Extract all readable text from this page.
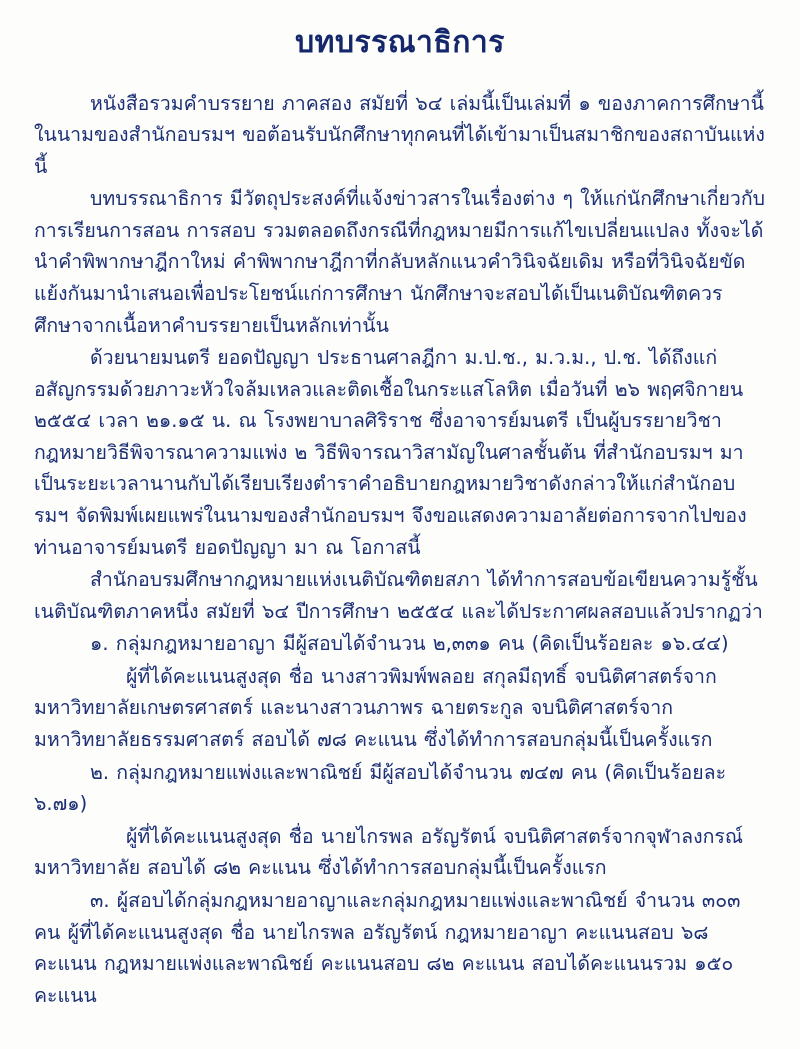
บทบรรณาธิการ

หนังสือรวมคำบรรยาย ภาคสอง สมัยที่ ๖๔ เล่มนี้เป็นเล่มที่ ๑ ของภาคการศึกษานี้ ในนามของสำนักอบรมฯ ขอต้อนรับนักศึกษาทุกคนที่ได้เข้ามาเป็นสมาชิกของสถาบันแห่งนี้

บทบรรณาธิการ มีวัตถุประสงค์ที่แจ้งข่าวสารในเรื่องต่าง ๆ ให้แก่นักศึกษาเกี่ยวกับการเรียนการสอน การสอบ รวมตลอดถึงกรณีที่กฎหมายมีการแก้ไขเปลี่ยนแปลง ทั้งจะได้นำคำพิพากษาฎีกาใหม่ คำพิพากษาฎีกาที่กลับหลักแนวคำวินิจฉัยเดิม หรือที่วินิจฉัยขัดแย้งกันมานำเสนอเพื่อประโยชน์แก่การศึกษา นักศึกษาจะสอบได้เป็นเนติบัณฑิตควรศึกษาจากเนื้อหาคำบรรยายเป็นหลักเท่านั้น

ด้วยนายมนตรี ยอดปัญญา ประธานศาลฎีกา ม.ป.ช., ม.ว.ม., ป.ช. ได้ถึงแก่อสัญกรรมด้วยภาวะหัวใจล้มเหลวและติดเชื้อในกระแสโลหิต เมื่อวันที่ ๒๖ พฤศจิกายน ๒๕๕๔ เวลา ๒๑.๑๕ น. ณ โรงพยาบาลศิริราช ซึ่งอาจารย์มนตรี เป็นผู้บรรยายวิชากฎหมายวิธีพิจารณาความแพ่ง ๒ วิธีพิจารณาวิสามัญในศาลชั้นต้น ที่สำนักอบรมฯ มาเป็นระยะเวลานานกับได้เรียบเรียงตำราคำอธิบายกฎหมายวิชาดังกล่าวให้แก่สำนักอบรมฯ จัดพิมพ์เผยแพร่ในนามของสำนักอบรมฯ จึงขอแสดงความอาลัยต่อการจากไปของท่านอาจารย์มนตรี ยอดปัญญา มา ณ โอกาสนี้

สำนักอบรมศึกษากฎหมายแห่งเนติบัณฑิตยสภา ได้ทำการสอบข้อเขียนความรู้ชั้นเนติบัณฑิตภาคหนึ่ง สมัยที่ ๖๔ ปีการศึกษา ๒๕๕๔ และได้ประกาศผลสอบแล้วปรากฏว่า

๑. กลุ่มกฎหมายอาญา มีผู้สอบได้จำนวน ๒,๓๓๑ คน (คิดเป็นร้อยละ ๑๖.๔๔)

ผู้ที่ได้คะแนนสูงสุด ชื่อ นางสาวพิมพ์พลอย สกุลมีฤทธิ์ จบนิติศาสตร์จากมหาวิทยาลัยเกษตรศาสตร์ และนางสาวนภาพร ฉายตระกูล จบนิติศาสตร์จากมหาวิทยาลัยธรรมศาสตร์ สอบได้ ๗๘ คะแนน ซึ่งได้ทำการสอบกลุ่มนี้เป็นครั้งแรก

๒. กลุ่มกฎหมายแพ่งและพาณิชย์ มีผู้สอบได้จำนวน ๗๔๗ คน (คิดเป็นร้อยละ ๖.๗๑)

ผู้ที่ได้คะแนนสูงสุด ชื่อ นายไกรพล อรัญรัตน์ จบนิติศาสตร์จากจุฬาลงกรณ์มหาวิทยาลัย สอบได้ ๘๒ คะแนน ซึ่งได้ทำการสอบกลุ่มนี้เป็นครั้งแรก

๓. ผู้สอบได้กลุ่มกฎหมายอาญาและกลุ่มกฎหมายแพ่งและพาณิชย์ จำนวน ๓๐๓ คน ผู้ที่ได้คะแนนสูงสุด ชื่อ นายไกรพล อรัญรัตน์ กฎหมายอาญา คะแนนสอบ ๖๘ คะแนน กฎหมายแพ่งและพาณิชย์ คะแนนสอบ ๘๒ คะแนน สอบได้คะแนนรวม ๑๕๐ คะแนน
